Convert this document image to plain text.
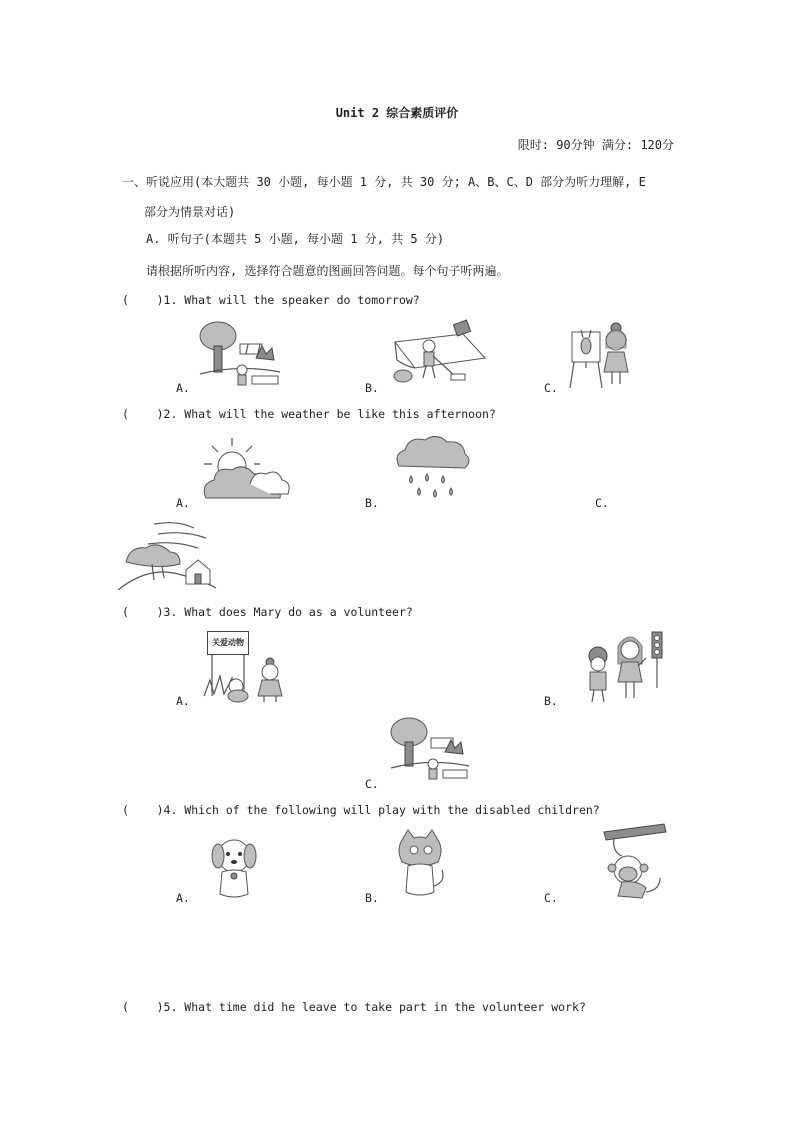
Unit 2 综合素质评价
限时: 90分钟 满分: 120分
一、听说应用(本大题共 30 小题, 每小题 1 分, 共 30 分; A、B、C、D 部分为听力理解, E
部分为情景对话)
A. 听句子(本题共 5 小题, 每小题 1 分, 共 5 分)
请根据所听内容, 选择符合题意的图画回答问题。每个句子听两遍。
(    )1. What will the speaker do tomorrow?
A.	B.	C.
(    )2. What will the weather be like this afternoon?
A.	B.	C.
(    )3. What does Mary do as a volunteer?
A.	B.
C.
关爱动物
(    )4. Which of the following will play with the disabled children?
A.	B.	C.
(    )5. What time did he leave to take part in the volunteer work?
